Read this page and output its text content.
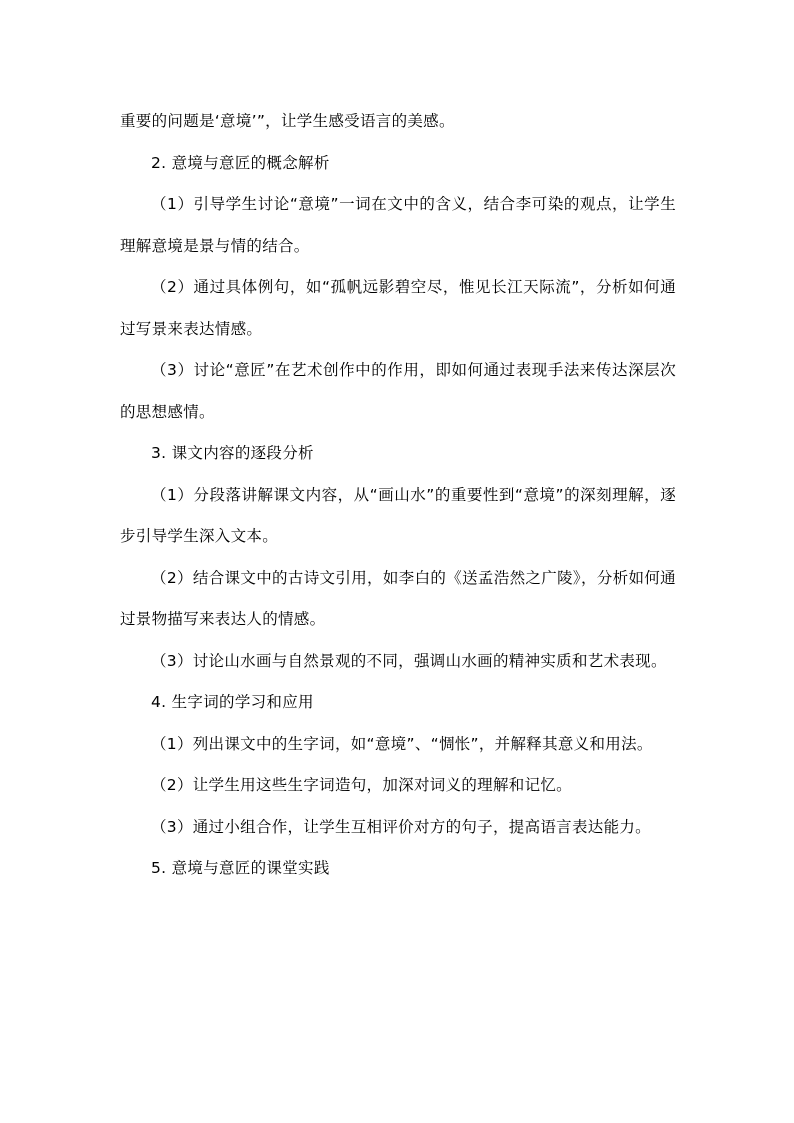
重要的问题是‘意境’”，让学生感受语言的美感。

2. 意境与意匠的概念解析

（1）引导学生讨论“意境”一词在文中的含义，结合李可染的观点，让学生理解意境是景与情的结合。

（2）通过具体例句，如“孤帆远影碧空尽，惟见长江天际流”，分析如何通过写景来表达情感。

（3）讨论“意匠”在艺术创作中的作用，即如何通过表现手法来传达深层次的思想感情。

3. 课文内容的逐段分析

（1）分段落讲解课文内容，从“画山水”的重要性到“意境”的深刻理解，逐步引导学生深入文本。

（2）结合课文中的古诗文引用，如李白的《送孟浩然之广陵》，分析如何通过景物描写来表达人的情感。

（3）讨论山水画与自然景观的不同，强调山水画的精神实质和艺术表现。

4. 生字词的学习和应用

（1）列出课文中的生字词，如“意境”、“惆怅”，并解释其意义和用法。

（2）让学生用这些生字词造句，加深对词义的理解和记忆。

（3）通过小组合作，让学生互相评价对方的句子，提高语言表达能力。

5. 意境与意匠的课堂实践
